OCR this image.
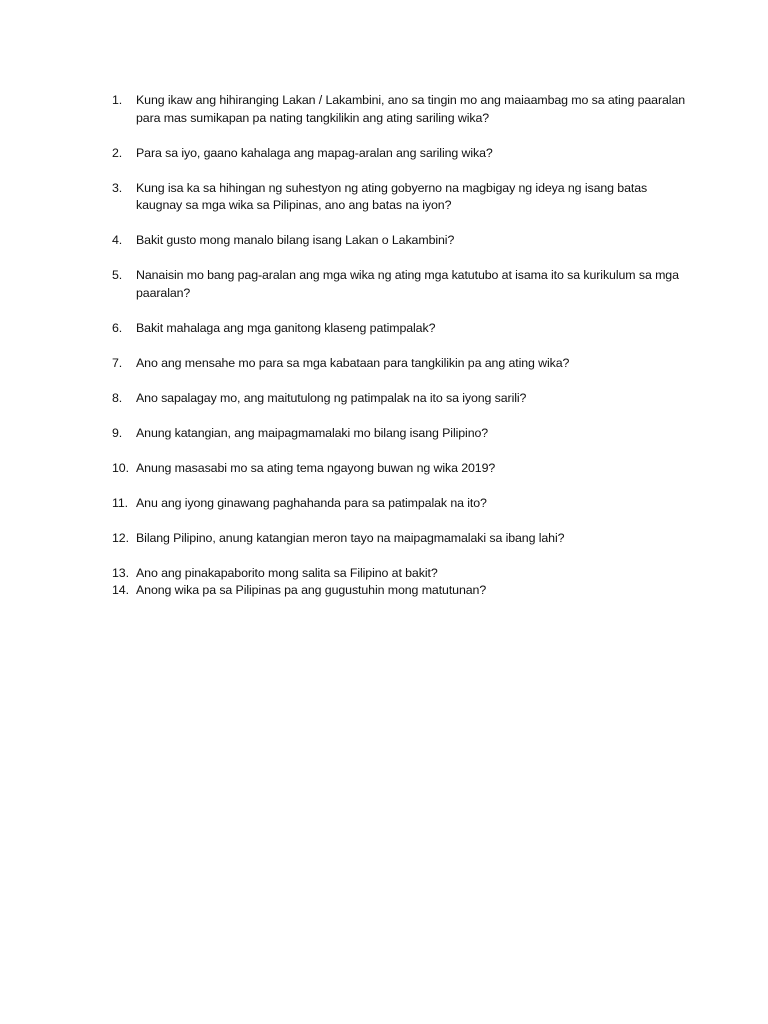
1.	Kung ikaw ang hihiranging Lakan / Lakambini, ano sa tingin mo ang maiaambag mo sa ating paaralan para mas sumikapan pa nating tangkilikin ang ating sariling wika?
2.	Para sa iyo, gaano kahalaga ang mapag-aralan ang sariling wika?
3.	Kung isa ka sa hihingan ng suhestyon ng ating gobyerno na magbigay ng ideya ng isang batas kaugnay sa mga wika sa Pilipinas, ano ang batas na iyon?
4.	Bakit gusto mong manalo bilang isang Lakan o Lakambini?
5.	Nanaisin mo bang pag-aralan ang mga wika ng ating mga katutubo at isama ito sa kurikulum sa mga paaralan?
6.	Bakit mahalaga ang mga ganitong klaseng patimpalak?
7.	Ano ang mensahe mo para sa mga kabataan para tangkilikin pa ang ating wika?
8.	Ano sapalagay mo, ang maitutulong ng patimpalak na ito sa iyong sarili?
9.	Anung katangian, ang maipagmamalaki mo bilang isang Pilipino?
10. Anung masasabi mo sa ating tema ngayong buwan ng wika 2019?
11. Anu ang iyong ginawang paghahanda para sa patimpalak na ito?
12. Bilang Pilipino, anung katangian meron tayo na maipagmamalaki sa ibang lahi?
13. Ano ang pinakapaborito mong salita sa Filipino at bakit?
14. Anong wika pa sa Pilipinas pa ang gugustuhin mong matutunan?
